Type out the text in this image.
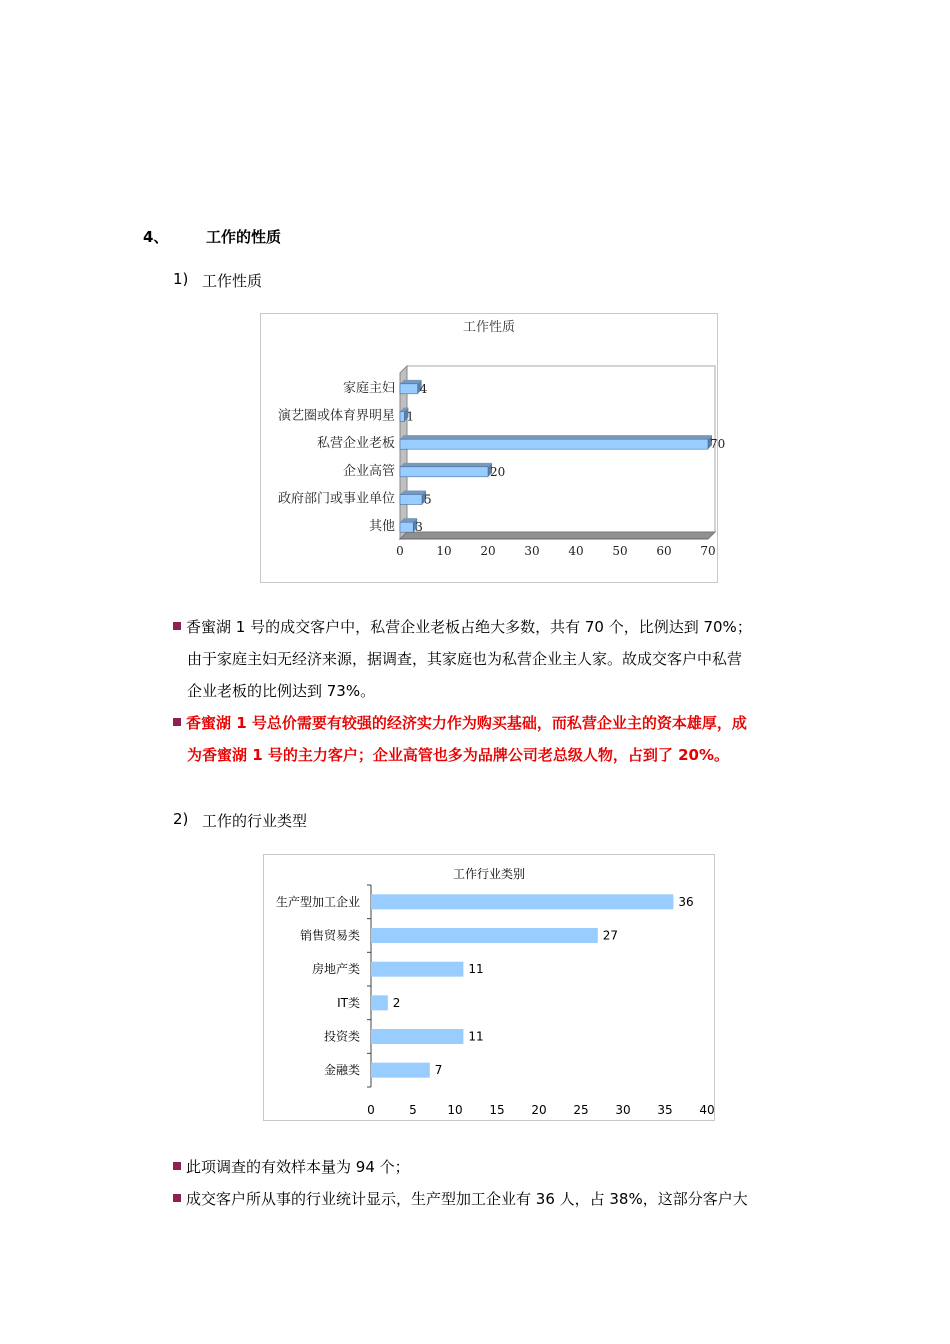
4、	工作的性质
1) 工作性质
工作性质
家庭主妇
演艺圈或体育界明星
私营企业老板
企业高管
政府部门或事业单位
其他
4
1
70
20
5
3
0	10 20 30 40 50 60 70
香蜜湖 1 号的成交客户中，私营企业老板占绝大多数，共有 70 个，比例达到 70%；
由于家庭主妇无经济来源，据调查，其家庭也为私营企业主人家。故成交客户中私营
企业老板的比例达到 73%。
香蜜湖 1 号总价需要有较强的经济实力作为购买基础，而私营企业主的资本雄厚，成
为香蜜湖 1 号的主力客户；企业高管也多为品牌公司老总级人物，占到了 20%。
2) 工作的行业类型
工作行业类别
生产型加工企业
销售贸易类
房地产类
IT类
投资类
金融类
36
27
11
2
11
7
0	5	10 15 20 25 30 35 40
此项调查的有效样本量为 94 个；
成交客户所从事的行业统计显示，生产型加工企业有 36 人，占 38%，这部分客户大
